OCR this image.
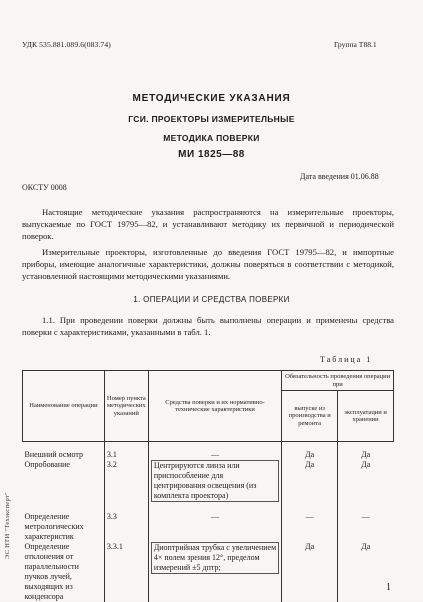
УДК 535.881.089.6(083.74)	Группа Т88.1
МЕТОДИЧЕСКИЕ УКАЗАНИЯ
ГСИ. ПРОЕКТОРЫ ИЗМЕРИТЕЛЬНЫЕ
МЕТОДИКА ПОВЕРКИ
МИ 1825—88
Дата введения 01.06.88
ОКСТУ 0008
Настоящие методические указания распространяются на измерительные проекторы, выпускаемые по ГОСТ 19795—82, и устанавливают методику их первичной и периодической поверок.
Измерительные проекторы, изготовленные до введения ГОСТ 19795—82, и импортные приборы, имеющие аналогичные характеристики, должны поверяться в соответствии с методикой, установленной настоящими методическими указаниями.
1. ОПЕРАЦИИ И СРЕДСТВА ПОВЕРКИ
1.1. При проведении поверки должны быть выполнены операции и применены средства поверки с характеристиками, указанными в табл. 1.
Таблица 1
Наименование операции	Номер пункта методических указаний	Средства поверки и их нормативно-технические характеристики	Обязательность проведения операции при	
			выпуске из производства и ремонта	эксплуатации и хранении
Внешний осмотр	3.1	—	Да	Да
Опробование	3.2	Центрируются линза или приспособление для центрирования освещения (из комплекта проектора)	Да	Да
Определение метрологических характеристик	3.3	—	—	—
Определение отклонения от параллельности пучков лучей, выходящих из конденсора	3.3.1	Диоптрийная трубка с увеличением 4× полем зрения 12°, пределом измерений ±5 дптр;	Да	Да
ЭС НТИ "Техэксперт"
1
